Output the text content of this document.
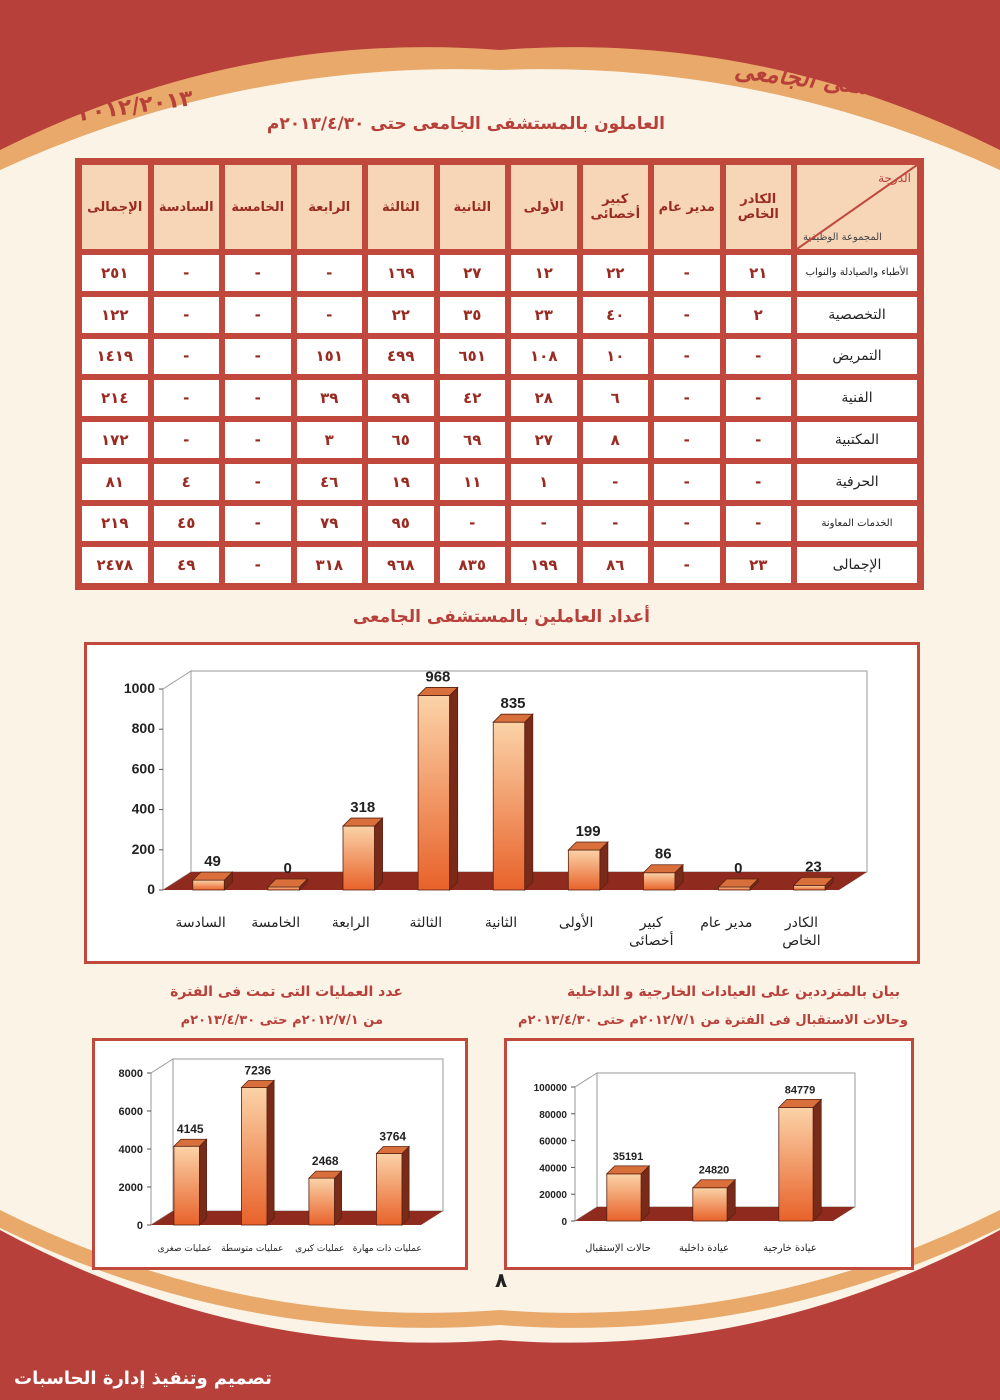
المستشفى الجامعى
٢٠١٢/٢٠١٣	العاملون بالمستشفى الجامعى حتى ٢٠١٣/٤/٣٠م
الدرجة
المجموعة الوظيفية	الكادر الخاص	مدير عام	كبير أخصائى	الأولى	الثانية	الثالثة	الرابعة	الخامسة	السادسة	الإجمالى
الأطباء والصيادلة والنواب	٢١	-	٢٢	١٢	٢٧	١٦٩	-	-	-	٢٥١
التخصصية	٢	-	٤٠	٢٣	٣٥	٢٢	-	-	-	١٢٢
التمريض	-	-	١٠	١٠٨	٦٥١	٤٩٩	١٥١	-	-	١٤١٩
الفنية	-	-	٦	٢٨	٤٢	٩٩	٣٩	-	-	٢١٤
المكتبية	-	-	٨	٢٧	٦٩	٦٥	٣	-	-	١٧٢
الحرفية	-	-	-	١	١١	١٩	٤٦	-	٤	٨١
الخدمات المعاونة	-	-	-	-	-	٩٥	٧٩	-	٤٥	٢١٩
الإجمالى	٢٣	-	٨٦	١٩٩	٨٣٥	٩٦٨	٣١٨	-	٤٩	٢٤٧٨
أعداد العاملين بالمستشفى الجامعى
0
200
400
600
800
1000
23
الكادر
الخاص
0
مدير عام
86
كبير
أخصائى
199
الأولى
835
الثانية
968
الثالثة
318
الرابعة
0
الخامسة
49
السادسة
بيان بالمترددين على العيادات الخارجية و الداخلية
وحالات الاستقبال فى الفترة من ٢٠١٢/٧/١م حتى ٢٠١٣/٤/٣٠م
0
20000
40000
60000
80000
100000	84779
عيادة خارجية
24820
عيادة داخلية
35191
حالات الإستقبال
عدد العمليات التى تمت فى الفترة
من ٢٠١٢/٧/١م حتى ٢٠١٣/٤/٣٠م
0
2000
4000
6000
8000
3764
عمليات ذات مهارة
2468
عمليات كبرى
7236
عمليات متوسطة
4145
عمليات صغرى
٨
تصميم وتنفيذ إدارة الحاسبات
